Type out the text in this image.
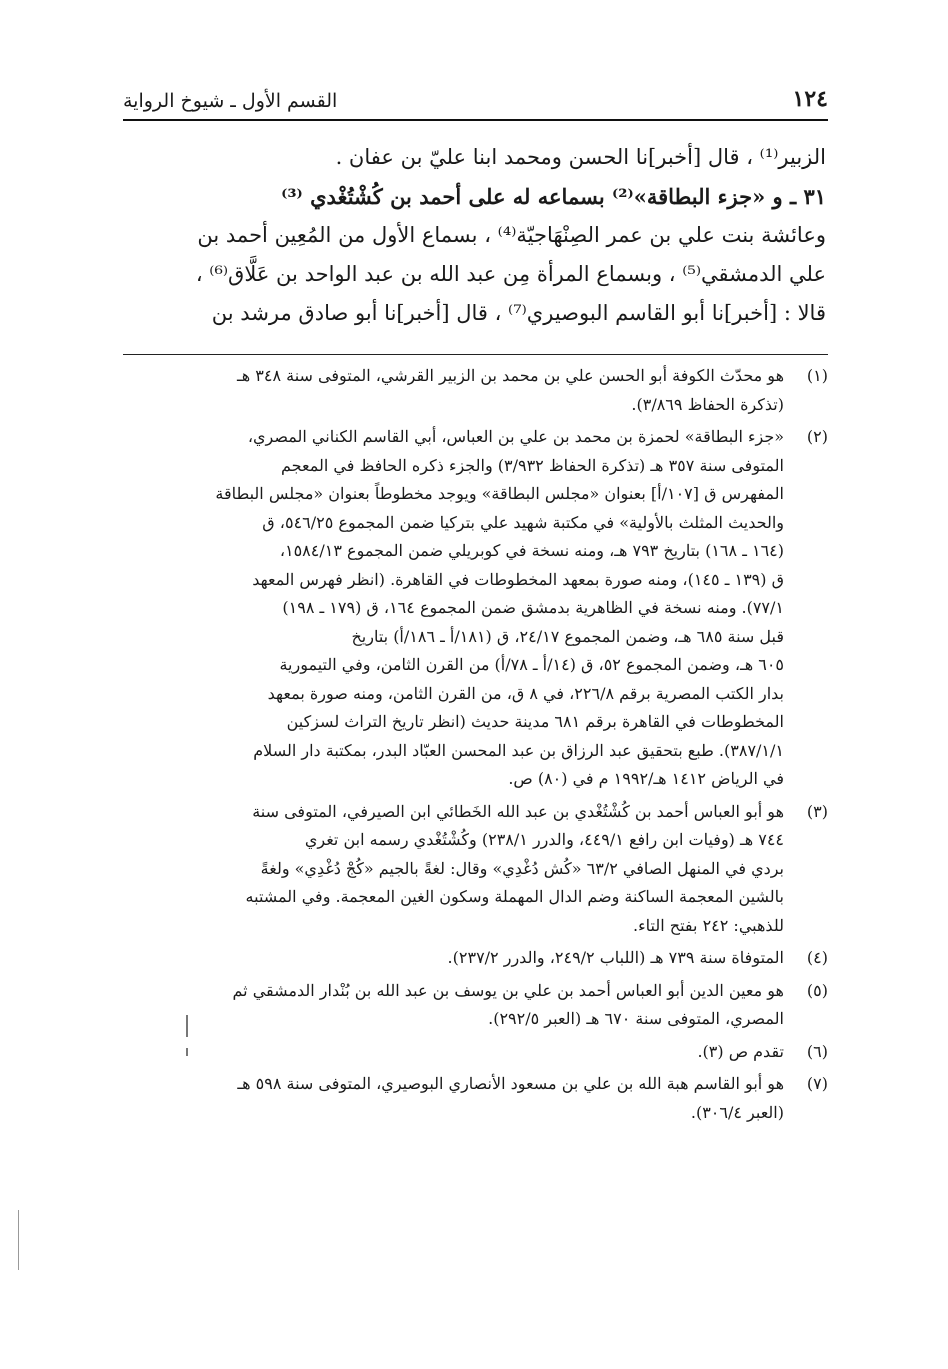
١٢٤
القسم الأول ـ شيوخ الرواية

الزبير⁽¹⁾ ، قال [أخبر]نا الحسن ومحمد ابنا عليّ بن عفان .

٣١ ـ و «جزء البطاقة»⁽²⁾ بسماعه له على أحمد بن كُشْتُغْدي ⁽³⁾

وعائشة بنت علي بن عمر الصِنْهَاجيّة⁽⁴⁾ ، بسماع الأول من المُعِين أحمد بن

علي الدمشقي⁽⁵⁾ ، وبسماع المرأة مِن عبد الله بن عبد الواحد بن عَلَّاق⁽⁶⁾ ،

قالا : [أخبر]نا أبو القاسم البوصيري⁽⁷⁾ ، قال [أخبر]نا أبو صادق مرشد بن

(١)
هو محدّث الكوفة أبو الحسن علي بن محمد بن الزبير القرشي، المتوفى سنة ٣٤٨ هـ
(تذكرة الحفاظ ٣/٨٦٩).
(٢)
«جزء البطاقة» لحمزة بن محمد بن علي بن العباس، أبي القاسم الكناني المصري،
المتوفى سنة ٣٥٧ هـ (تذكرة الحفاظ ٣/٩٣٢) والجزء ذكره الحافظ في المعجم
المفهرس ق [١٠٧/أ] بعنوان «مجلس البطاقة» ويوجد مخطوطاً بعنوان «مجلس البطاقة
والحديث المثلث بالأولية» في مكتبة شهيد علي بتركيا ضمن المجموع ٥٤٦/٢٥، ق
(١٦٤ ـ ١٦٨) بتاريخ ٧٩٣ هـ، ومنه نسخة في كوبريلي ضمن المجموع ١٥٨٤/١٣،
ق (١٣٩ ـ ١٤٥)، ومنه صورة بمعهد المخطوطات في القاهرة. (انظر فهرس المعهد
٧٧/١). ومنه نسخة في الظاهرية بدمشق ضمن المجموع ١٦٤، ق (١٧٩ ـ ١٩٨)
قبل سنة ٦٨٥ هـ، وضمن المجموع ٢٤/١٧، ق (١٨١/أ ـ ١٨٦/أ) بتاريخ
٦٠٥ هـ، وضمن المجموع ٥٢، ق (١٤/أ ـ ٧٨/أ) من القرن الثامن، وفي التيمورية
بدار الكتب المصرية برقم ٢٢٦/٨، في ٨ ق، من القرن الثامن، ومنه صورة بمعهد
المخطوطات في القاهرة برقم ٦٨١ مدينة حديث (انظر تاريخ التراث لسزكين
٣٨٧/١/١). طبع بتحقيق عبد الرزاق بن عبد المحسن العبّاد البدر، بمكتبة دار السلام
في الرياض ١٤١٢ هـ/١٩٩٢ م في (٨٠) ص.
(٣)
هو أبو العباس أحمد بن كُشْتُغْدي بن عبد الله الخَطائي ابن الصيرفي، المتوفى سنة
٧٤٤ هـ (وفيات ابن رافع ٤٤٩/١، والدرر ٢٣٨/١) وكُشْتُغْدي رسمه ابن تغري
بردي في المنهل الصافي ٦٣/٢ «كُش دُغْدِي» وقال: لغةً بالجيم «كُجْ دُغْدِي» ولغةً
بالشين المعجمة الساكنة وضم الدال المهملة وسكون الغين المعجمة. وفي المشتبه
للذهبي: ٢٤٢ بفتح التاء.
(٤)
المتوفاة سنة ٧٣٩ هـ (اللباب ٢٤٩/٢، والدرر ٢٣٧/٢).
(٥)
هو معين الدين أبو العباس أحمد بن علي بن يوسف بن عبد الله بن بُنْدار الدمشقي ثم
المصري، المتوفى سنة ٦٧٠ هـ (العبر ٢٩٢/٥).
(٦)
تقدم ص (٣).
(٧)
هو أبو القاسم هبة الله بن علي بن مسعود الأنصاري البوصيري، المتوفى سنة ٥٩٨ هـ
(العبر ٣٠٦/٤).
